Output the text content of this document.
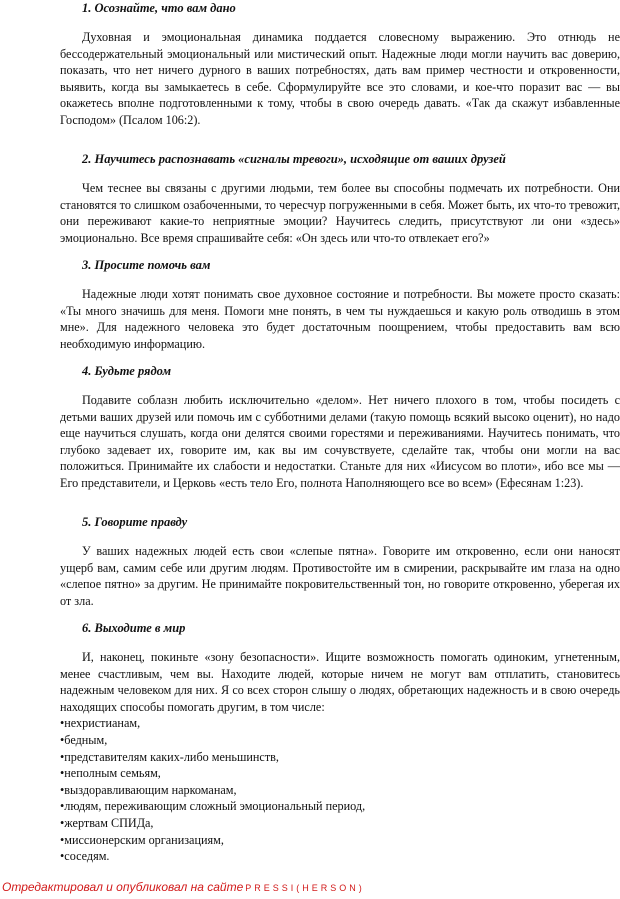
1. Осознайте, что вам дано

Духовная и эмоциональная динамика поддается словесному выражению. Это отнюдь не бессодержательный эмоциональный или мистический опыт. Надежные люди могли научить вас доверию, показать, что нет ничего дурного в ваших потребностях, дать вам пример честности и откровенности, выявить, когда вы замыкаетесь в себе. Сформулируйте все это словами, и кое-что поразит вас — вы окажетесь вполне подготовленными к тому, чтобы в свою очередь давать. «Так да скажут избавленные Господом» (Псалом 106:2).

2. Научитесь распознавать «сигналы тревоги», исходящие от ваших друзей

Чем теснее вы связаны с другими людьми, тем более вы способны подмечать их потребности. Они становятся то слишком озабоченными, то чересчур погруженными в себя. Может быть, их что-то тревожит, они переживают какие-то неприятные эмоции? Научитесь следить, присутствуют ли они «здесь» эмоционально. Все время спрашивайте себя: «Он здесь или что-то отвлекает его?»

3. Просите помочь вам

Надежные люди хотят понимать свое духовное состояние и потребности. Вы можете просто сказать: «Ты много значишь для меня. Помоги мне понять, в чем ты нуждаешься и какую роль отводишь в этом мне». Для надежного человека это будет достаточным поощрением, чтобы предоставить вам всю необходимую информацию.

4. Будьте рядом

Подавите соблазн любить исключительно «делом». Нет ничего плохого в том, чтобы посидеть с детьми ваших друзей или помочь им с субботними делами (такую помощь всякий высоко оценит), но надо еще научиться слушать, когда они делятся своими горестями и переживаниями. Научитесь понимать, что глубоко задевает их, говорите им, как вы им сочувствуете, сделайте так, чтобы они могли на вас положиться. Принимайте их слабости и недостатки. Станьте для них «Иисусом во плоти», ибо все мы — Его представители, и Церковь «есть тело Его, полнота Наполняющего все во всем» (Ефесянам 1:23).

5. Говорите правду

У ваших надежных людей есть свои «слепые пятна». Говорите им откровенно, если они наносят ущерб вам, самим себе или другим людям. Противостойте им в смирении, раскрывайте им глаза на одно «слепое пятно» за другим. Не принимайте покровительственный тон, но говорите откровенно, уберегая их от зла.

6. Выходите в мир

И, наконец, покиньте «зону безопасности». Ищите возможность помогать одиноким, угнетенным, менее счастливым, чем вы. Находите людей, которые ничем не могут вам отплатить, становитесь надежным человеком для них. Я со всех сторон слышу о людях, обретающих надежность и в свою очередь находящих способы помогать другим, в том числе:

• нехристианам,
• бедным,
• представителям каких-либо меньшинств,
• неполным семьям,
• выздоравливающим наркоманам,
• людям, переживающим сложный эмоциональный период,
• жертвам СПИДа,
• миссионерским организациям,
• соседям.
Отредактировал и опубликовал на сайте PRESSI(HERSON)
